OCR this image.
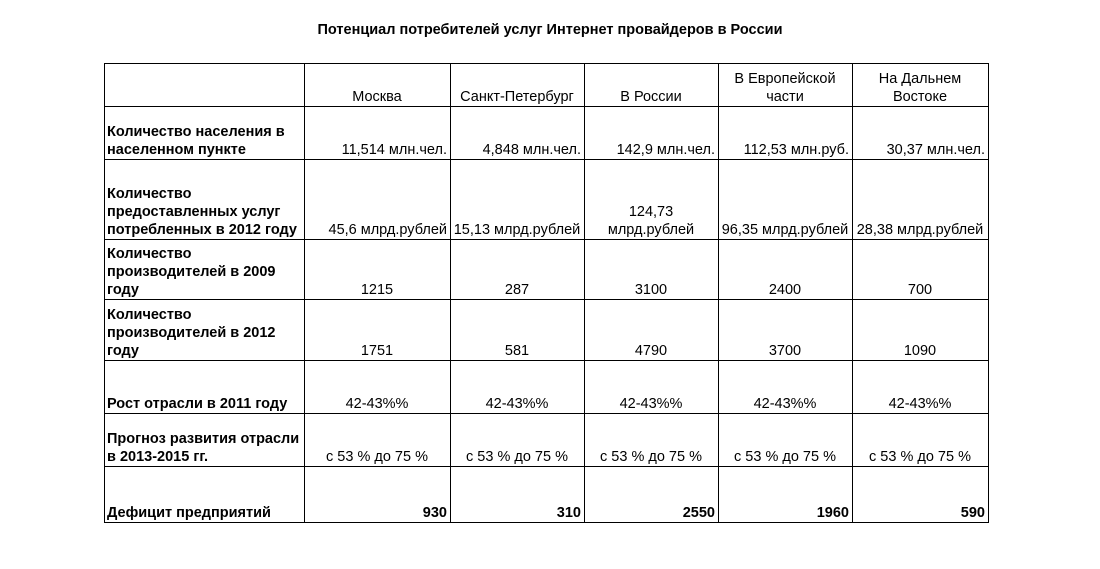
Потенциал потребителей услуг Интернет провайдеров в России
	Москва	Санкт-Петербург	В России	В Европейской части	На Дальнем Востоке
Количество населения в населенном пункте	11,514 млн.чел.	4,848 млн.чел.	142,9 млн.чел.	112,53 млн.руб.	30,37 млн.чел.
Количество предоставленных услуг потребленных в 2012 году	45,6 млрд.рублей	15,13 млрд.рублей	124,73 млрд.рублей	96,35 млрд.рублей	28,38 млрд.рублей
Количество производителей в 2009 году	1215	287	3100	2400	700
Количество производителей в 2012 году	1751	581	4790	3700	1090
Рост отрасли в 2011 году	42-43%%	42-43%%	42-43%%	42-43%%	42-43%%
Прогноз развития отрасли в 2013-2015 гг.	с 53 % до 75 %	с 53 % до 75 %	с 53 % до 75 %	с 53 % до 75 %	с 53 % до 75 %
Дефицит предприятий	930	310	2550	1960	590
